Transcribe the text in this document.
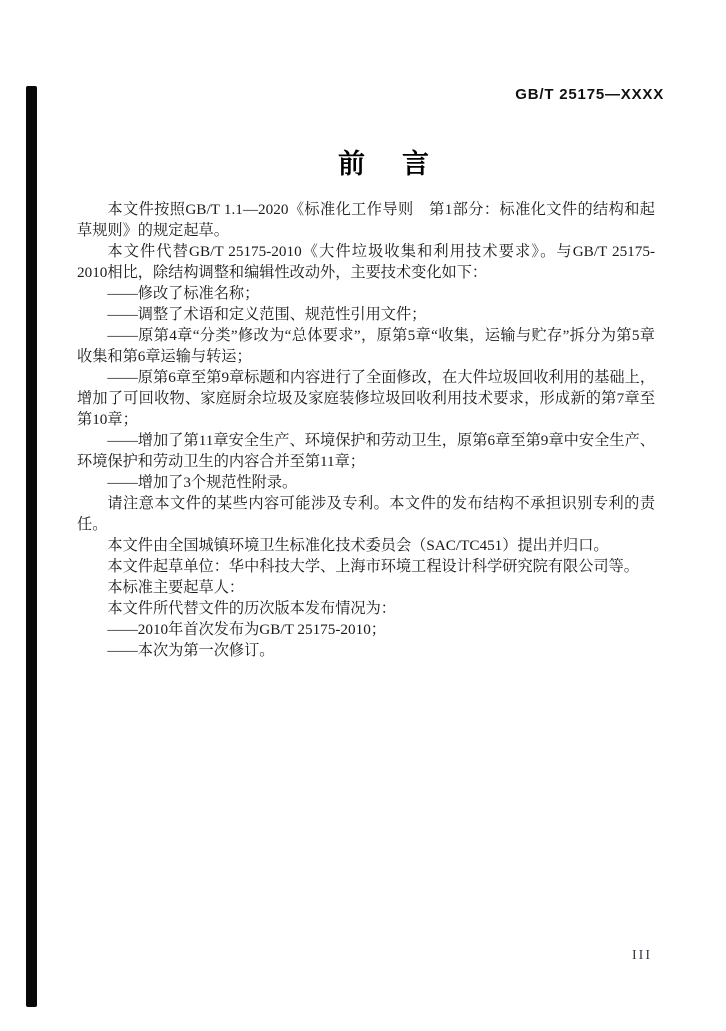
GB/T 25175—XXXX
前　言

本文件按照GB/T 1.1—2020《标准化工作导则　第1部分：标准化文件的结构和起草规则》的规定起草。

本文件代替GB/T 25175-2010《大件垃圾收集和利用技术要求》。与GB/T 25175-2010相比，除结构调整和编辑性改动外，主要技术变化如下：

——修改了标准名称；

——调整了术语和定义范围、规范性引用文件；

——原第4章“分类”修改为“总体要求”，原第5章“收集，运输与贮存”拆分为第5章收集和第6章运输与转运；

——原第6章至第9章标题和内容进行了全面修改，在大件垃圾回收利用的基础上，增加了可回收物、家庭厨余垃圾及家庭装修垃圾回收利用技术要求，形成新的第7章至第10章；

——增加了第11章安全生产、环境保护和劳动卫生，原第6章至第9章中安全生产、环境保护和劳动卫生的内容合并至第11章；

——增加了3个规范性附录。

请注意本文件的某些内容可能涉及专利。本文件的发布结构不承担识别专利的责任。

本文件由全国城镇环境卫生标准化技术委员会（SAC/TC451）提出并归口。

本文件起草单位：华中科技大学、上海市环境工程设计科学研究院有限公司等。

本标准主要起草人：

本文件所代替文件的历次版本发布情况为：

——2010年首次发布为GB/T 25175-2010；

——本次为第一次修订。

III
